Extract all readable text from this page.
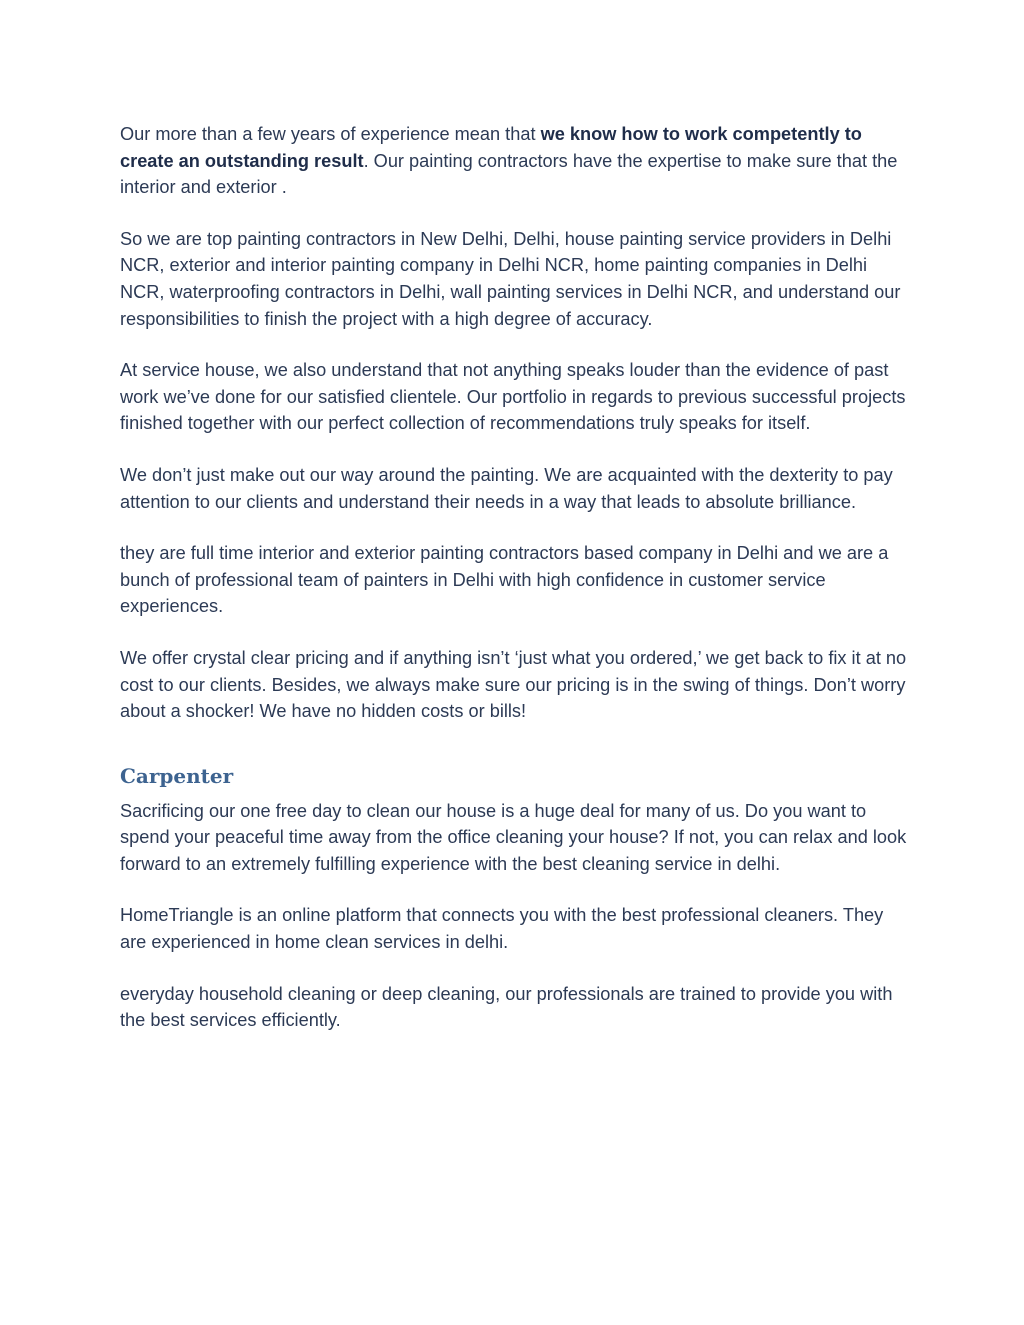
Our more than a few years of experience mean that we know how to work competently to create an outstanding result. Our painting contractors have the expertise to make sure that the interior and exterior .

So we are top painting contractors in New Delhi, Delhi, house painting service providers in Delhi NCR, exterior and interior painting company in Delhi NCR, home painting companies in Delhi NCR, waterproofing contractors in Delhi, wall painting services in Delhi NCR, and understand our responsibilities to finish the project with a high degree of accuracy.

At service house, we also understand that not anything speaks louder than the evidence of past work we’ve done for our satisfied clientele. Our portfolio in regards to previous successful projects finished together with our perfect collection of recommendations truly speaks for itself.

We don’t just make out our way around the painting. We are acquainted with the dexterity to pay attention to our clients and understand their needs in a way that leads to absolute brilliance.

they are full time interior and exterior painting contractors based company in Delhi and we are a bunch of professional team of painters in Delhi with high confidence in customer service experiences.

We offer crystal clear pricing and if anything isn’t ‘just what you ordered,’ we get back to fix it at no cost to our clients. Besides, we always make sure our pricing is in the swing of things. Don’t worry about a shocker! We have no hidden costs or bills!

Carpenter

Sacrificing our one free day to clean our house is a huge deal for many of us. Do you want to spend your peaceful time away from the office cleaning your house? If not, you can relax and look forward to an extremely fulfilling experience with the best cleaning service in delhi.

HomeTriangle is an online platform that connects you with the best professional cleaners. They are experienced in home clean services in delhi.

everyday household cleaning or deep cleaning, our professionals are trained to provide you with the best services efficiently.
